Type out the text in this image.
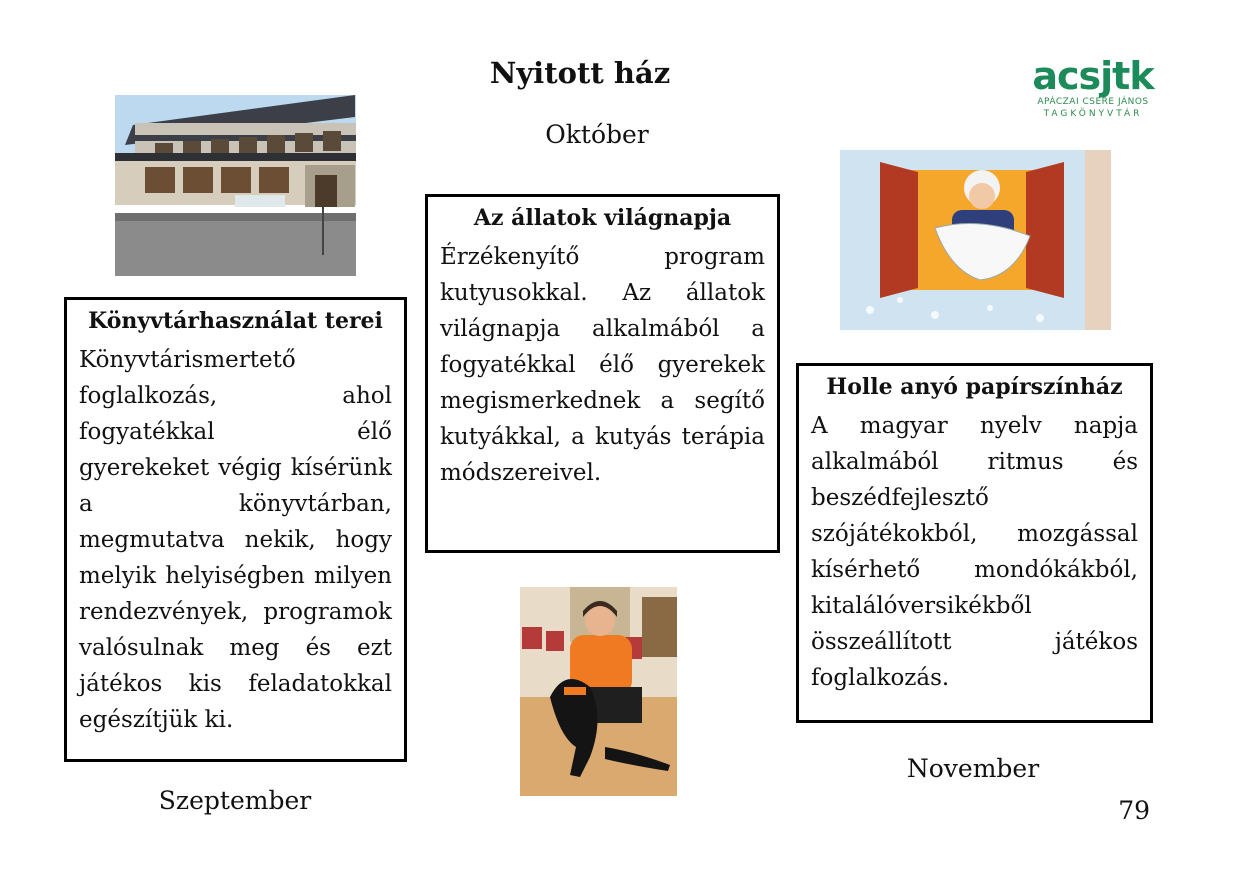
Nyitott ház	acsjtk
APÁCZAI CSERE JÁNOS
TAGKÖNYVTÁR
Könyvtárhasználat terei

Könyvtárismertető foglalkozás, ahol fogyatékkal élő gyerekeket végig kísérünk a könyvtárban, megmutatva nekik, hogy melyik helyiségben milyen rendezvények, programok valósulnak meg és ezt játékos kis feladatokkal egészítjük ki.

Szeptember
Október
Az állatok világnapja

Érzékenyítő program kutyusokkal. Az állatok világnapja alkalmából a fogyatékkal élő gyerekek megismerkednek a segítő kutyákkal, a kutyás terápia módszereivel.

Holle anyó papírszínház

A magyar nyelv napja alkalmából ritmus és beszédfejlesztő szójátékokból, mozgással kísérhető mondókákból, kitalálóversikékből összeállított játékos foglalkozás.

November
79
